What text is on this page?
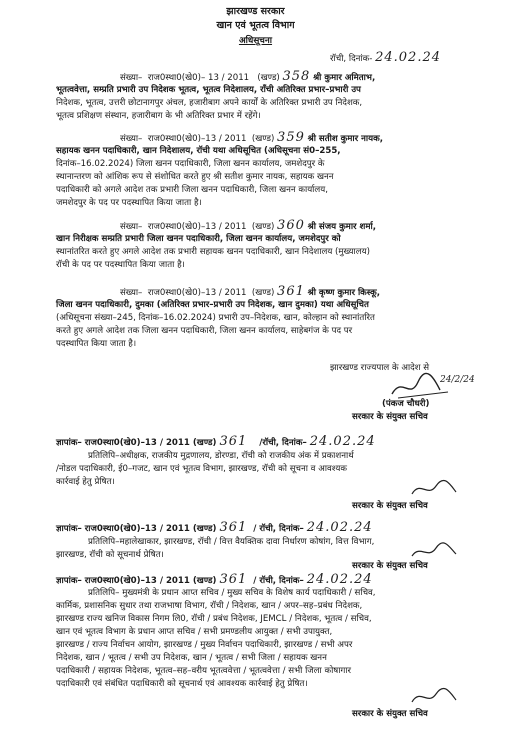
झारखण्ड सरकार
खान एवं भूतत्व विभाग
अधिसूचना
रॉची, दिनांक- 24.02.24
संख्या– राज0स्था0(खे0)– 13 / 2011 (खण्ड) 358 श्री कुमार अमिताभ,
भूतत्ववेत्ता, सम्प्रति प्रभारी उप निदेशक भूतत्व, भूतत्व निदेशालय, राँची अतिरिक्त प्रभार–प्रभारी उप
निदेशक, भूतत्व, उत्तरी छोटानागपुर अंचल, हजारीबाग अपने कार्यों के अतिरिक्त प्रभारी उप निदेशक,
भूतत्व प्रशिक्षण संस्थान, हजारीबाग के भी अतिरिक्त प्रभार में रहेंगे।
संख्या– राज0स्था0(खे0)–13 / 2011 (खण्ड) 359 श्री सतीश कुमार नायक,
सहायक खनन पदाधिकारी, खान निदेशालय, रॉची यथा अधिसूचित (अधिसूचना सं0–255,
दिनांक–16.02.2024) जिला खनन पदाधिकारी, जिला खनन कार्यालय, जमशेदपुर के
स्थानान्तरण को आंशिक रूप से संशोधित करते हुए श्री सतीश कुमार नायक, सहायक खनन
पदाधिकारी को अगले आदेश तक प्रभारी जिला खनन पदाधिकारी, जिला खनन कार्यालय,
जमशेदपुर के पद पर पदस्थापित किया जाता है।
संख्या– राज0स्था0(खे0)–13 / 2011 (खण्ड) 360 श्री संजय कुमार शर्मा,
खान निरीक्षक सम्प्रति प्रभारी जिला खनन पदाधिकारी, जिला खनन कार्यालय, जमशेदपुर को
स्थानांतरित करते हुए अगले आदेश तक प्रभारी सहायक खनन पदाधिकारी, खान निदेशालय (मुख्यालय)
रॉची के पद पर पदस्थापित किया जाता है।
संख्या– राज0स्था0(खे0)–13 / 2011 (खण्ड) 361 श्री कृष्ण कुमार किस्कू,
जिला खनन पदाधिकारी, दुमका (अतिरिक्त प्रभार–प्रभारी उप निदेशक, खान दुमका) यथा अधिसूचित
(अधिसूचना संख्या–245, दिनांक–16.02.2024) प्रभारी उप–निदेशक, खान, कोल्हान को स्थानांतरित
करते हुए अगले आदेश तक जिला खनन पदाधिकारी, जिला खनन कार्यालय, साहेबगंज के पद पर
पदस्थापित किया जाता है।
झारखण्ड राज्यपाल के आदेश से
24/2/24
(पंकज चौधरी)
सरकार के संयुक्त सचिव
ज्ञापांक– राज0स्था0(खे0)–13 / 2011 (खण्ड) 361 /रॉची, दिनांक– 24.02.24
प्रतिलिपि–अधीक्षक, राजकीय मुद्रणालय, डोरण्डा, रॉची को राजकीय अंक में प्रकाशनार्थ
/नोडल पदाधिकारी, ई0–गजट, खान एवं भूतत्व विभाग, झारखण्ड, रॉची को सूचना व आवश्यक
कार्रवाई हेतु प्रेषित।
सरकार के संयुक्त सचिव
ज्ञापांक– राज0स्था0(खे0)–13 / 2011 (खण्ड) 361 / रॉची, दिनांक– 24.02.24
प्रतिलिपि–महालेखाकार, झारखण्ड, रॉची / वित्त वैयक्तिक दावा निर्धारण कोषांग, वित्त विभाग,
झारखण्ड, रॉची को सूचनार्थ प्रेषित।
सरकार के संयुक्त सचिव
ज्ञापांक– राज0स्था0(खे0)–13 / 2011 (खण्ड) 361 / रॉची, दिनांक– 24.02.24
प्रतिलिपि– मुख्यमंत्री के प्रधान आप्त सचिव / मुख्य सचिव के विशेष कार्य पदाधिकारी / सचिव,
कार्मिक, प्रशासनिक सुधार तथा राजभाषा विभाग, रॉची / निदेशक, खान / अपर–सह–प्रबंध निदेशक,
झारखण्ड राज्य खनिज विकास निगम लि0, रॉची / प्रबंध निदेशक, JEMCL / निदेशक, भूतत्व / सचिव,
खान एवं भूतत्व विभाग के प्रधान आप्त सचिव / सभी प्रमण्डलीय आयुक्त / सभी उपायुक्त,
झारखण्ड / राज्य निर्वाचन आयोग, झारखण्ड / मुख्य निर्वाचन पदाधिकारी, झारखण्ड / सभी अपर
निदेशक, खान / भूतत्व / सभी उप निदेशक, खान / भूतत्व / सभी जिला / सहायक खनन
पदाधिकारी / सहायक निदेशक, भूतत्व–सह–वरीय भूतत्ववेत्ता / भूतत्ववेत्ता / सभी जिला कोषागार
पदाधिकारी एवं संबंधित पदाधिकारी को सूचनार्थ एवं आवश्यक कार्रवाई हेतु प्रेषित।
सरकार के संयुक्त सचिव
